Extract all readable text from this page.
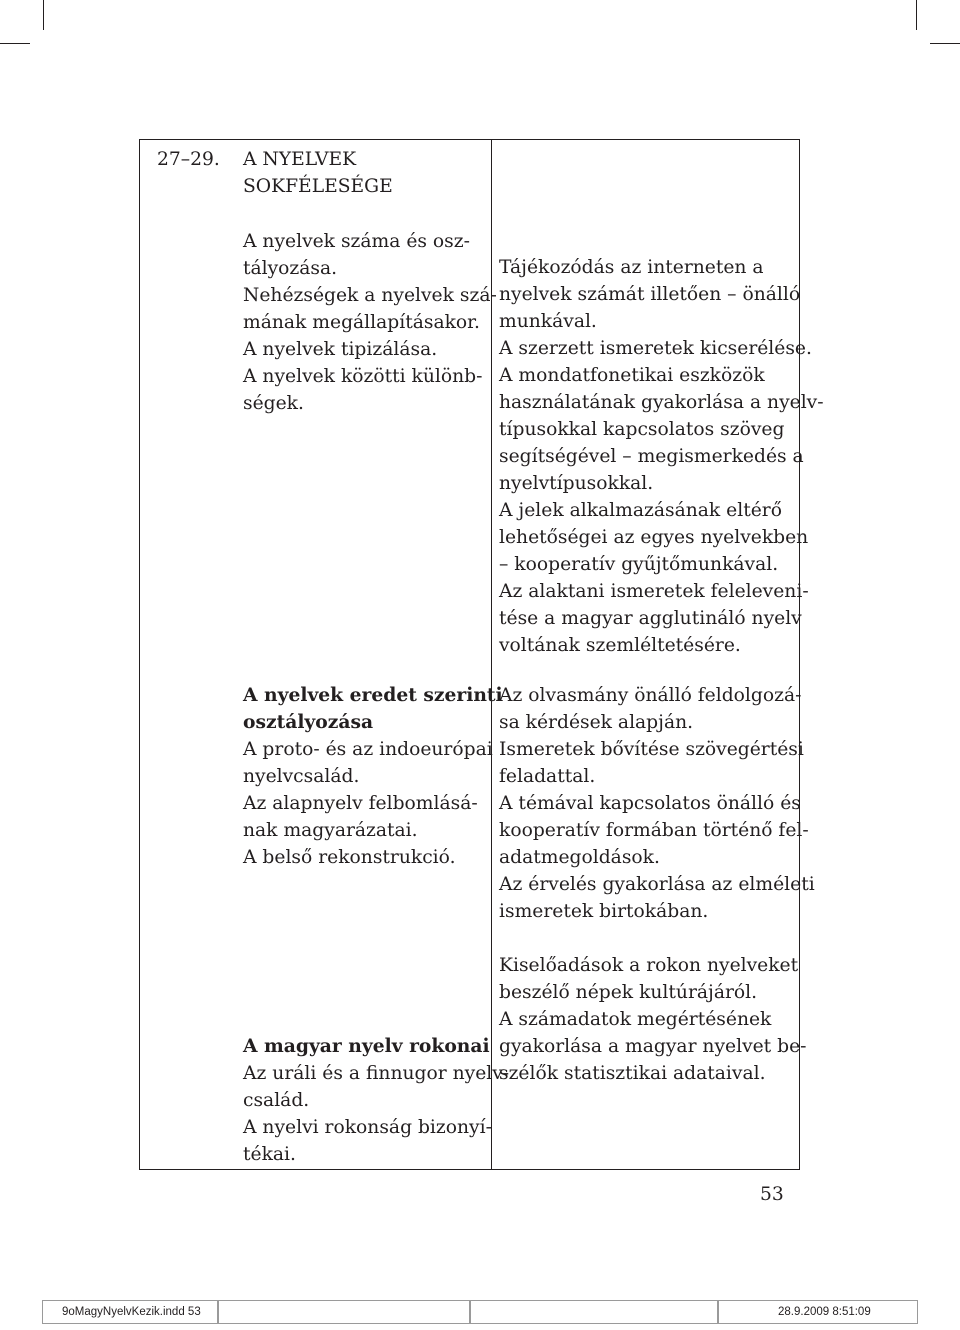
27–29. A NYELVEK
SOKFÉLESÉGE
A nyelvek száma és osz-
tályozása.
Nehézségek a nyelvek szá-
mának megállapításakor.
A nyelvek tipizálása.
A nyelvek közötti különb-
ségek.
A nyelvek eredet szerinti
osztályozása
A proto- és az indoeurópai
nyelvcsalád.
Az alapnyelv felbomlásá-
nak magyarázatai.
A belső rekonstrukció.
A magyar nyelv rokonai
Az uráli és a finnugor nyelv-
család.
A nyelvi rokonság bizonyí-
tékai.
Tájékozódás az interneten a
nyelvek számát illetően – önálló
munkával.
A szerzett ismeretek kicserélése.
A mondatfonetikai eszközök
használatának gyakorlása a nyelv-
típusokkal kapcsolatos szöveg
segítségével – megismerkedés a
nyelvtípusokkal.
A jelek alkalmazásának eltérő
lehetőségei az egyes nyelvekben
– kooperatív gyűjtőmunkával.
Az alaktani ismeretek feleleveni-
tése a magyar agglutináló nyelv
voltának szemléltetésére.
Az olvasmány önálló feldolgozá-
sa kérdések alapján.
Ismeretek bővítése szövegértési
feladattal.
A témával kapcsolatos önálló és
kooperatív formában történő fel-
adatmegoldások.
Az érvelés gyakorlása az elméleti
ismeretek birtokában.
Kiselőadások a rokon nyelveket
beszélő népek kultúrájáról.
A számadatok megértésének
gyakorlása a magyar nyelvet be-
szélők statisztikai adataival.
53
9oMagyNyelvKezik.indd 53	28.9.2009 8:51:09
